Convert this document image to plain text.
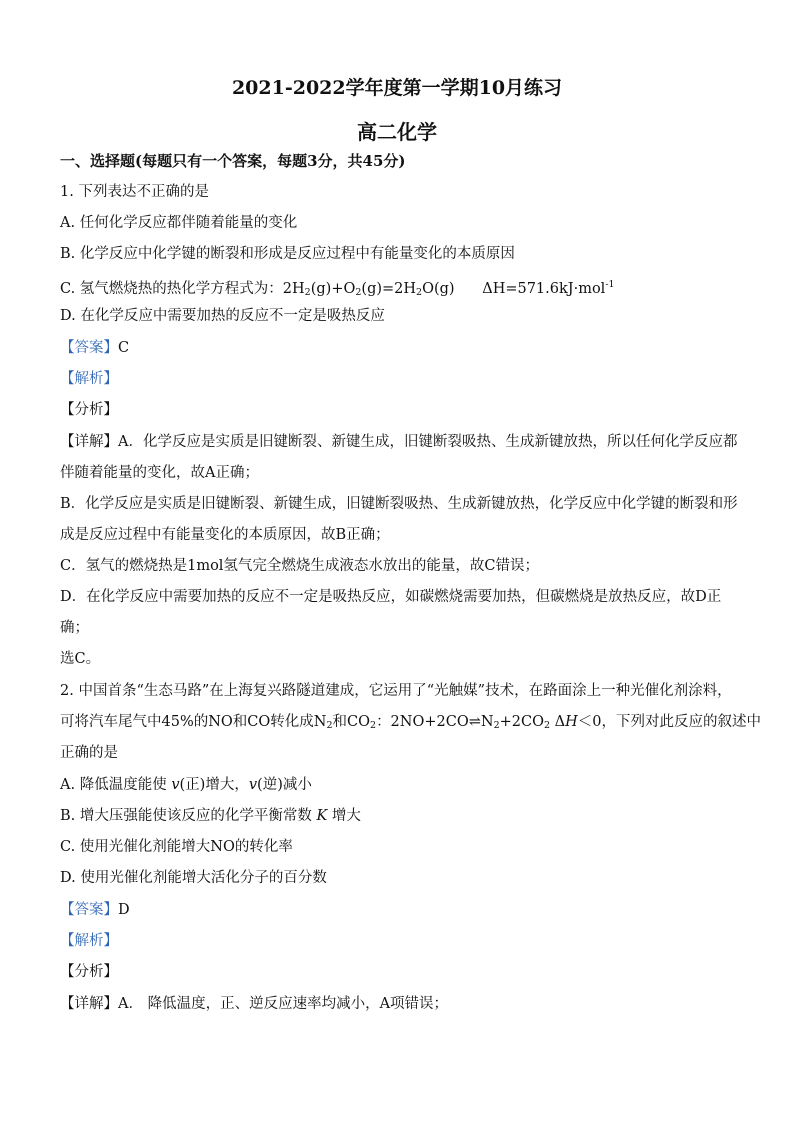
2021-2022学年度第一学期10月练习
高二化学
一、选择题(每题只有一个答案，每题3分，共45分)
1. 下列表达不正确的是
A. 任何化学反应都伴随着能量的变化
B. 化学反应中化学键的断裂和形成是反应过程中有能量变化的本质原因
C. 氢气燃烧热的热化学方程式为：$2H_2(g)+O_2(g)=2H_2O(g)$      ΔH=571.6kJ·mol$^{-1}$
D. 在化学反应中需要加热的反应不一定是吸热反应
【答案】C
【解析】
【分析】
【详解】A．化学反应是实质是旧键断裂、新键生成，旧键断裂吸热、生成新键放热，所以任何化学反应都
伴随着能量的变化，故A正确；
B．化学反应是实质是旧键断裂、新键生成，旧键断裂吸热、生成新键放热，化学反应中化学键的断裂和形
成是反应过程中有能量变化的本质原因，故B正确；
C．氢气的燃烧热是1mol氢气完全燃烧生成液态水放出的能量，故C错误；
D．在化学反应中需要加热的反应不一定是吸热反应，如碳燃烧需要加热，但碳燃烧是放热反应，故D正
确；
选C。
2. 中国首条“生态马路”在上海复兴路隧道建成，它运用了“光触媒”技术，在路面涂上一种光催化剂涂料，
可将汽车尾气中45%的NO和CO转化成$N_2$和$CO_2$：$2NO+2CO\rightleftharpoons N_2+2CO_2$ ΔH＜0，下列对此反应的叙述中
正确的是
A. 降低温度能使 v(正)增大，v(逆)减小
B. 增大压强能使该反应的化学平衡常数 K 增大
C. 使用光催化剂能增大NO的转化率
D. 使用光催化剂能增大活化分子的百分数
【答案】D
【解析】
【分析】
【详解】A． 降低温度，正、逆反应速率均减小，A项错误；
